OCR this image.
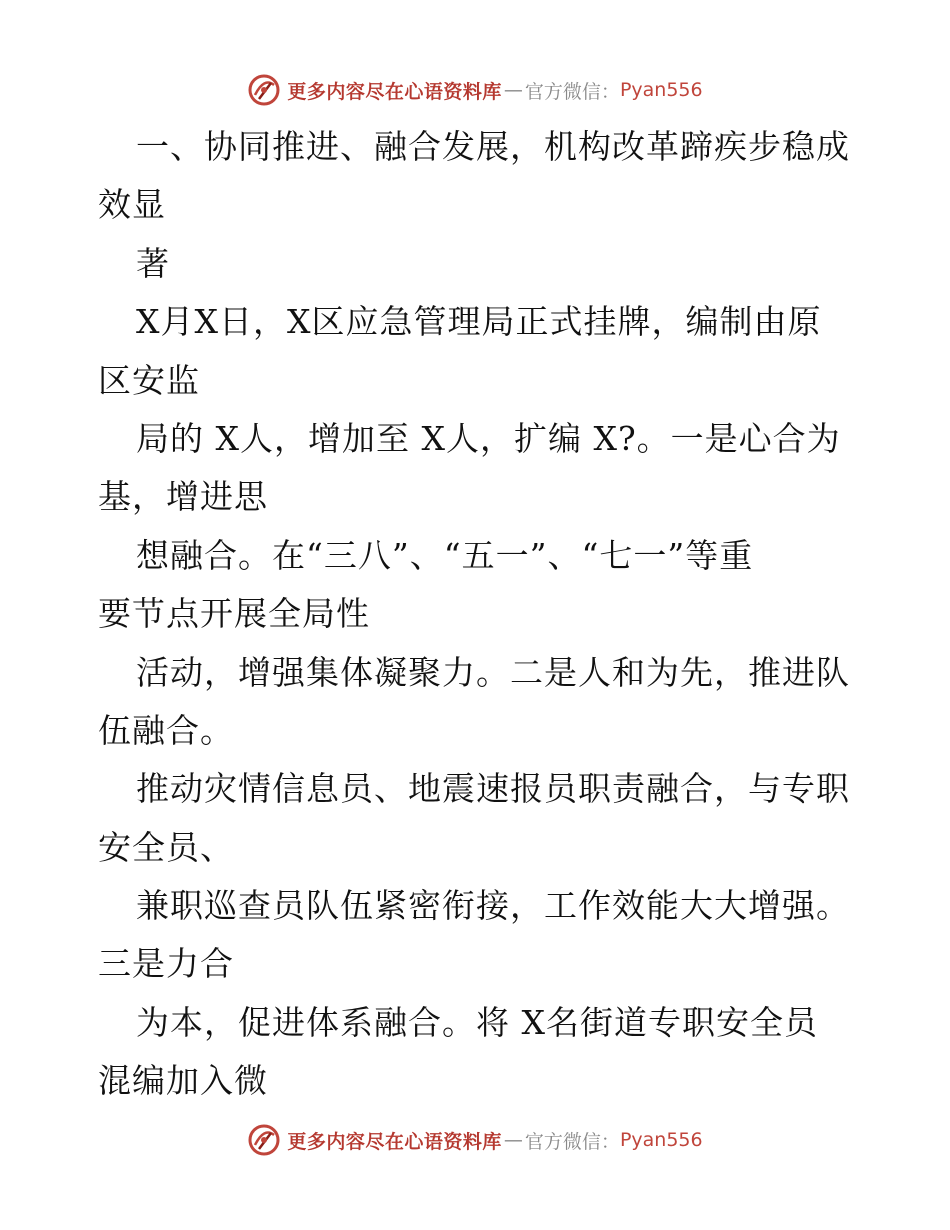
更多内容尽在心语资料库 — 官方微信： Pyan556
一、协同推进、融合发展，机构改革蹄疾步稳成
效显
著
X月X日，X区应急管理局正式挂牌，编制由原
区安监
局的 X人，增加至 X人，扩编 X?。一是心合为
基，增进思
想融合。在“三八”、“五一”、“七一”等重
要节点开展全局性
活动，增强集体凝聚力。二是人和为先，推进队
伍融合。
推动灾情信息员、地震速报员职责融合，与专职
安全员、
兼职巡查员队伍紧密衔接，工作效能大大增强。
三是力合
为本，促进体系融合。将 X名街道专职安全员
混编加入微
更多内容尽在心语资料库 — 官方微信： Pyan556
